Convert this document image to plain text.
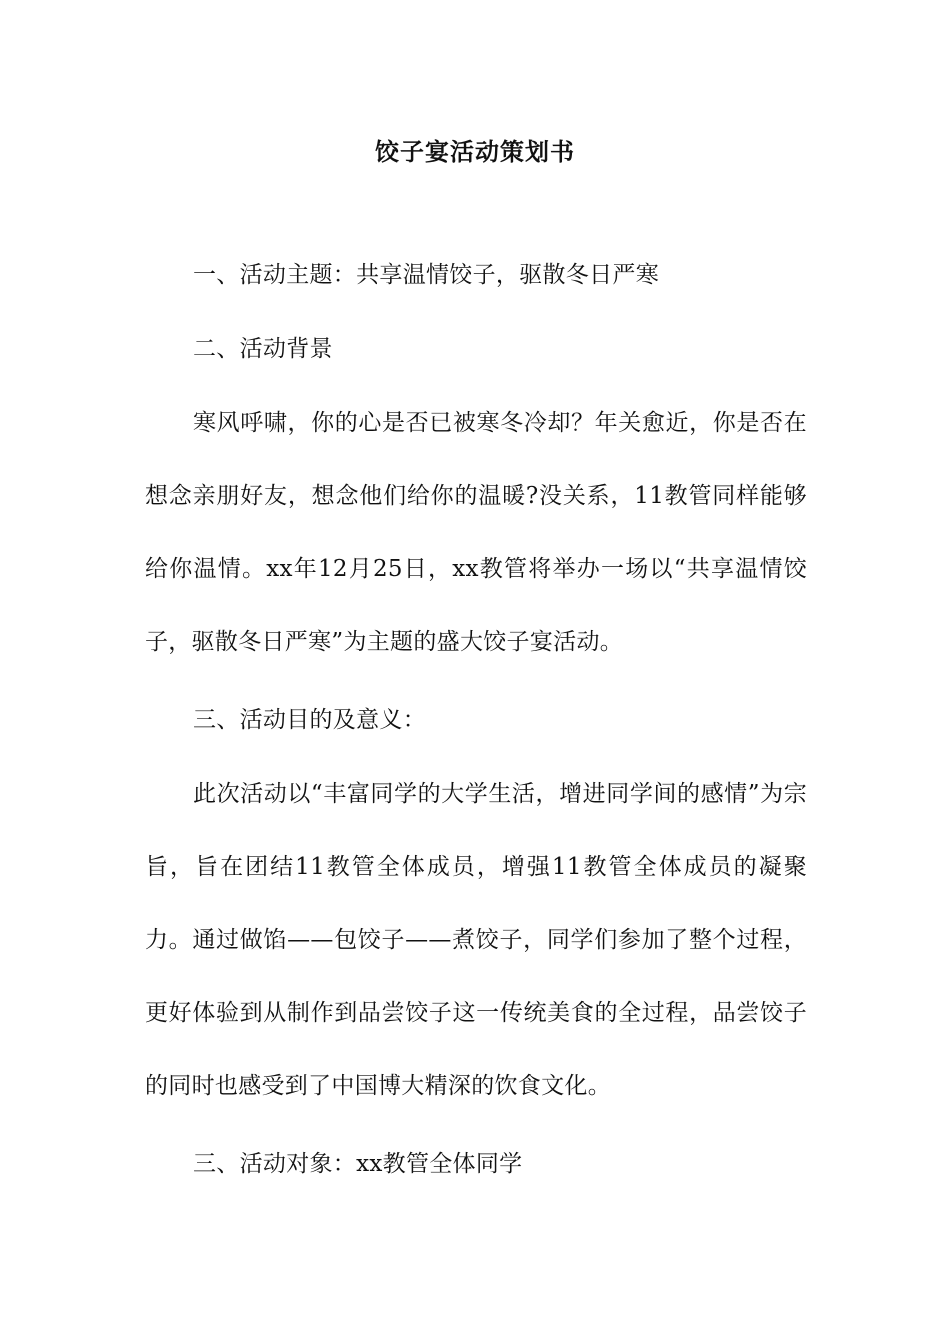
饺子宴活动策划书

一、活动主题：共享温情饺子，驱散冬日严寒

二、活动背景

寒风呼啸，你的心是否已被寒冬冷却？年关愈近，你是否在想念亲朋好友，想念他们给你的温暖?没关系，11教管同样能够给你温情。xx年12月25日，xx教管将举办一场以“共享温情饺子，驱散冬日严寒”为主题的盛大饺子宴活动。

三、活动目的及意义：

此次活动以“丰富同学的大学生活，增进同学间的感情”为宗旨，旨在团结11教管全体成员，增强11教管全体成员的凝聚力。通过做馅——包饺子——煮饺子，同学们参加了整个过程，更好体验到从制作到品尝饺子这一传统美食的全过程，品尝饺子的同时也感受到了中国博大精深的饮食文化。

三、活动对象：xx教管全体同学
